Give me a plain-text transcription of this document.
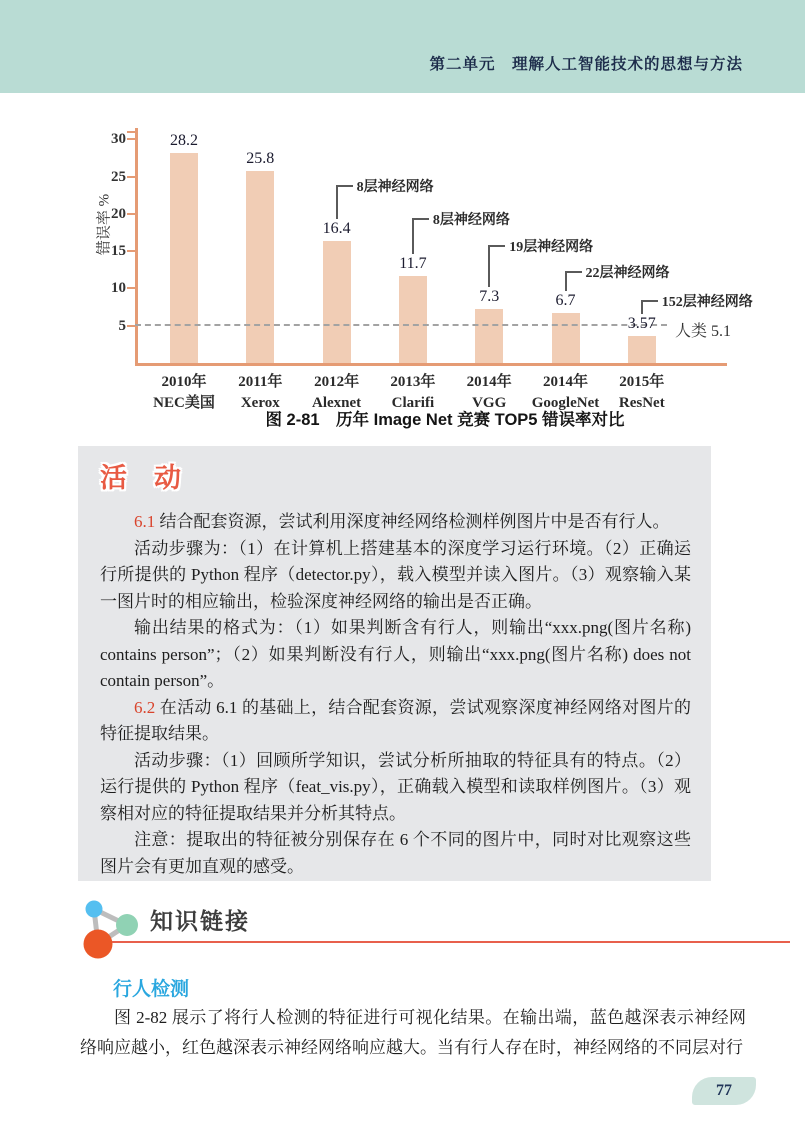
第二单元　理解人工智能技术的思想与方法
错误率 %
5
10
15
20
25
30	28.2
2010年
NEC美国
25.8
2011年
Xerox
16.4
2012年
Alexnet
8层神经网络
11.7
2013年
Clarifi
8层神经网络
7.3
2014年
VGG
19层神经网络
6.7
2014年
GoogleNet
22层神经网络
3.57
2015年
ResNet
152层神经网络
人类 5.1
图 2-81　历年 Image Net 竞赛 TOP5 错误率对比
活　动

6.1 结合配套资源，尝试利用深度神经网络检测样例图片中是否有行人。

活动步骤为：（1）在计算机上搭建基本的深度学习运行环境。（2）正确运行所提供的 Python 程序（detector.py），载入模型并读入图片。（3）观察输入某一图片时的相应输出，检验深度神经网络的输出是否正确。

输出结果的格式为：（1）如果判断含有行人，则输出“xxx.png(图片名称) contains person”；（2）如果判断没有行人，则输出“xxx.png(图片名称) does not contain person”。

6.2 在活动 6.1 的基础上，结合配套资源，尝试观察深度神经网络对图片的特征提取结果。

活动步骤：（1）回顾所学知识，尝试分析所抽取的特征具有的特点。（2）运行提供的 Python 程序（feat_vis.py），正确载入模型和读取样例图片。（3）观察相对应的特征提取结果并分析其特点。

注意：提取出的特征被分别保存在 6 个不同的图片中，同时对比观察这些图片会有更加直观的感受。

知识链接
行人检测

图 2-82 展示了将行人检测的特征进行可视化结果。在输出端，蓝色越深表示神经网络响应越小，红色越深表示神经网络响应越大。当有行人存在时，神经网络的不同层对行

77
